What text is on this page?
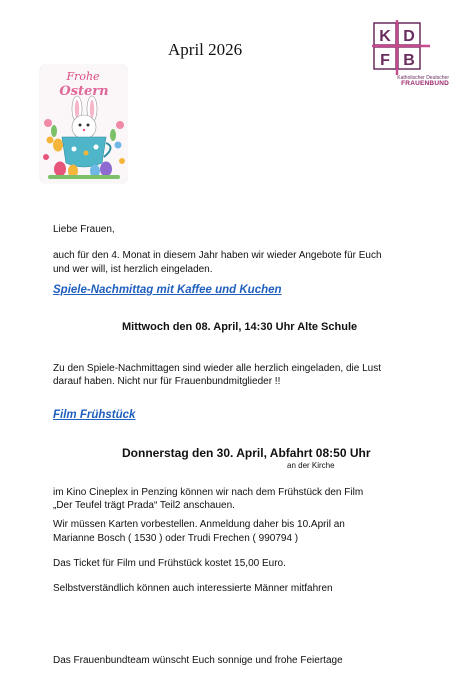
April 2026
Frohe
Ostern
K D
F B
Katholischer Deutscher
FRAUENBUND
Liebe Frauen,
auch für den 4. Monat in diesem Jahr haben wir wieder Angebote für Euch
und wer will, ist herzlich eingeladen.
Spiele-Nachmittag mit Kaffee und Kuchen
Mittwoch den 08. April, 14:30 Uhr Alte Schule
Zu den Spiele-Nachmittagen sind wieder alle herzlich eingeladen, die Lust
darauf haben. Nicht nur für Frauenbundmitglieder !!
Film Frühstück
Donnerstag den 30. April, Abfahrt 08:50 Uhr
an der Kirche
im Kino Cineplex in Penzing können wir nach dem Frühstück den Film
„Der Teufel trägt Prada“ Teil2 anschauen.
Wir müssen Karten vorbestellen. Anmeldung daher bis 10.April an
Marianne Bosch ( 1530 ) oder Trudi Frechen ( 990794 )
Das Ticket für Film und Frühstück kostet 15,00 Euro.
Selbstverständlich können auch interessierte Männer mitfahren
Das Frauenbundteam wünscht Euch sonnige und frohe Feiertage
